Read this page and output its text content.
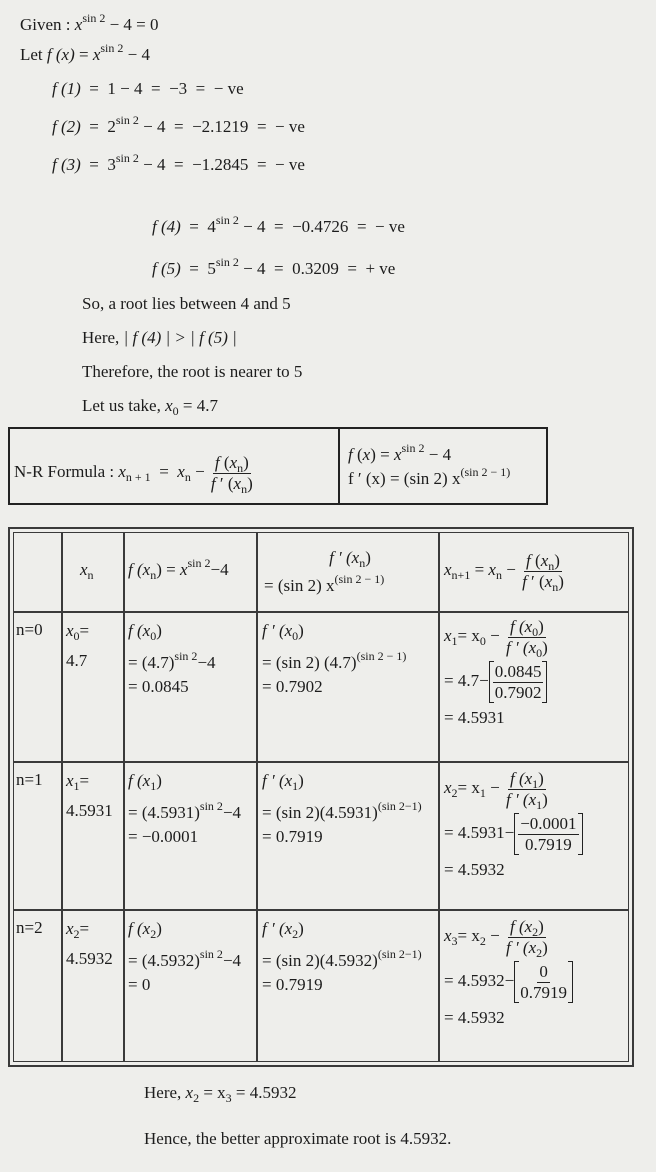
Given : $x^{sin 2} - 4 = 0$
Let f $(x) = x^{sin 2} - 4$
f (1)  =  1 − 4  =  −3  =  − ve
f $(2) = 2^{sin 2} - 4 = -2.1219$  =  − ve
f $(3) = 3^{sin 2} - 4 = -1.2845$  =  − ve
f $(4) = 4^{sin 2} - 4 = -0.4726$  =  − ve
f $(5) = 5^{sin 2} - 4 = 0.3209$  =  + ve
So, a root lies between 4 and 5
Here, | f (4) | > | f (5) |
Therefore, the root is nearer to 5
Let us take, $x_0 = 4.7$
N-R Formula : $x_{n + 1} = x_n - \frac{f (x_n)}{f ' (x_n)}$	f $(x) = x^{sin 2} - 4$
f ′ (x) = (sin 2) $x^{(sin 2 - 1)}$
$x_n$ f $(x_n) = x^{sin 2}-4$
f ′ $(x_n)$
= (sin 2) $x^{(sin 2 - 1)}$
$x_{n+1} = x_n - \frac{f (x_n)}{f ' (x_n)}$
n=0 $x_0=$
4.7
f $(x_0)$
= $(4.7)^{sin 2}-4$
= 0.0845
f ′ $(x_0)$
= (sin 2) $(4.7)^{(sin 2 - 1)}$
= 0.7902
$x_1= x_0 - \frac{f (x_0)}{f ' (x_0)}$
= $4.7- \frac{0.0845}{0.7902}$
= 4.5931
n=1 $x_1=$
4.5931
f $(x_1)$
= $(4.5931)^{sin 2}-4$
= −0.0001
f ′ $(x_1)$
= (sin $2)(4.5931)^{(sin 2-1)}$
= 0.7919
$x_2= x_1 - \frac{f (x_1)}{f ' (x_1)}$
= $4.5931- \frac{-0.0001}{0.7919}$
= 4.5932
n=2 $x_2=$
4.5932
f $(x_2)$
= $(4.5932)^{sin 2}-4$
= 0
f ′ $(x_2)$
= (sin $2)(4.5932)^{(sin 2-1)}$
= 0.7919
$x_3= x_2 - \frac{f (x_2)}{f ' (x_2)}$
= $4.5932- \frac{0}{0.7919}$
= 4.5932
Here, $x_2 = x_3 = 4.5932$
Hence, the better approximate root is 4.5932.
